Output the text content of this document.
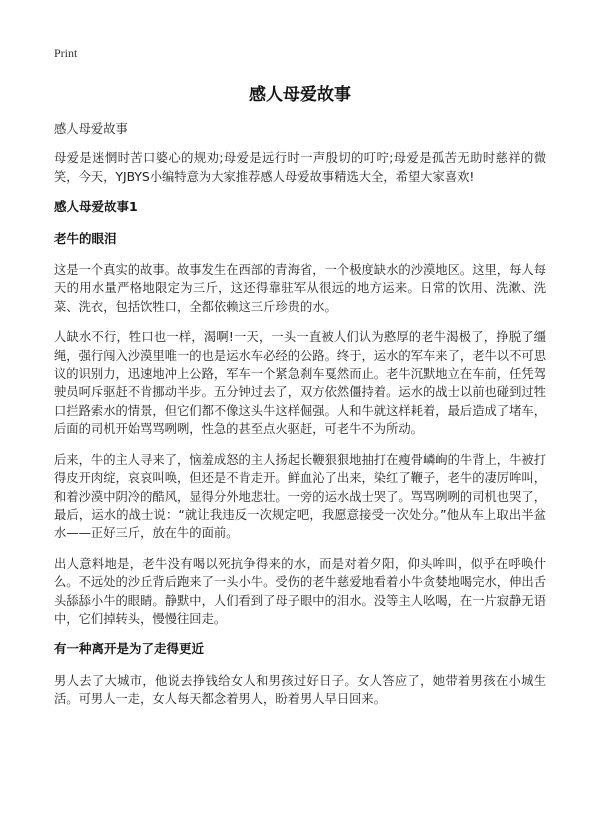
Print
感人母爱故事

感人母爱故事

母爱是迷惘时苦口婆心的规劝;母爱是远行时一声殷切的叮咛;母爱是孤苦无助时慈祥的微笑，今天，YJBYS小编特意为大家推荐感人母爱故事精选大全，希望大家喜欢!

感人母爱故事1
老牛的眼泪

这是一个真实的故事。故事发生在西部的青海省，一个极度缺水的沙漠地区。这里，每人每天的用水量严格地限定为三斤，这还得靠驻军从很远的地方运来。日常的饮用、洗漱、洗菜、洗衣，包括饮牲口，全都依赖这三斤珍贵的水。

人缺水不行，牲口也一样，渴啊!一天，一头一直被人们认为憨厚的老牛渴极了，挣脱了缰绳，强行闯入沙漠里唯一的也是运水车必经的公路。终于，运水的军车来了，老牛以不可思议的识别力，迅速地冲上公路，军车一个紧急刹车戛然而止。老牛沉默地立在车前，任凭驾驶员呵斥驱赶不肯挪动半步。五分钟过去了，双方依然僵持着。运水的战士以前也碰到过牲口拦路索水的情景，但它们都不像这头牛这样倔强。人和牛就这样耗着，最后造成了堵车，后面的司机开始骂骂咧咧，性急的甚至点火驱赶，可老牛不为所动。

后来，牛的主人寻来了，恼羞成怒的主人扬起长鞭狠狠地抽打在瘦骨嶙峋的牛背上，牛被打得皮开肉绽，哀哀叫唤，但还是不肯走开。鲜血沁了出来，染红了鞭子，老牛的凄厉哞叫，和着沙漠中阴冷的酷风，显得分外地悲壮。一旁的运水战士哭了。骂骂咧咧的司机也哭了，最后，运水的战士说：“就让我违反一次规定吧，我愿意接受一次处分。”他从车上取出半盆水——正好三斤，放在牛的面前。

出人意料地是，老牛没有喝以死抗争得来的水，而是对着夕阳，仰头哞叫，似乎在呼唤什么。不远处的沙丘背后跑来了一头小牛。受伤的老牛慈爱地看着小牛贪婪地喝完水，伸出舌头舔舔小牛的眼睛。静默中，人们看到了母子眼中的泪水。没等主人吆喝，在一片寂静无语中，它们掉转头，慢慢往回走。

有一种离开是为了走得更近

男人去了大城市，他说去挣钱给女人和男孩过好日子。女人答应了，她带着男孩在小城生活。可男人一走，女人每天都念着男人，盼着男人早日回来。
